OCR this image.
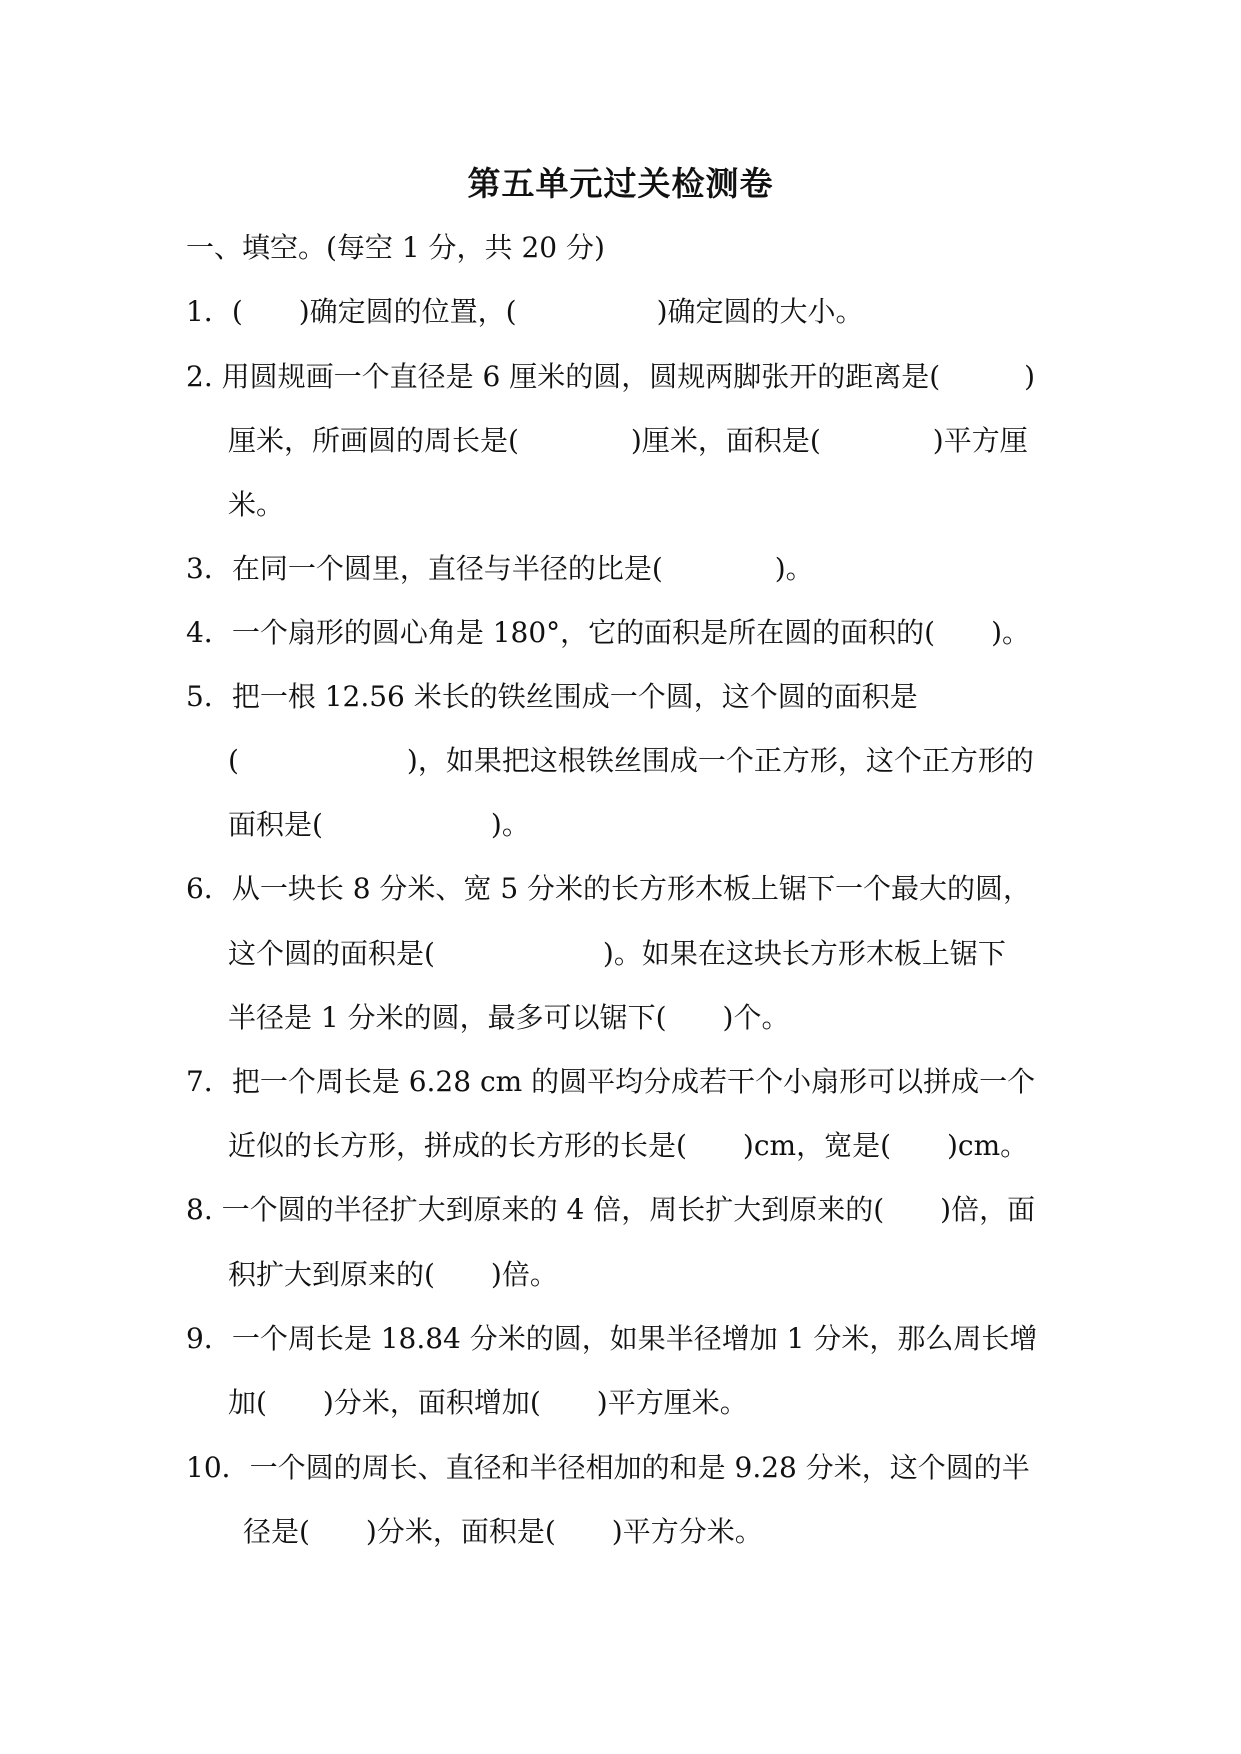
第五单元过关检测卷
一、填空。(每空 1 分，共 20 分)
1．(　　)确定圆的位置，(　　　　　)确定圆的大小。
2. 用圆规画一个直径是 6 厘米的圆，圆规两脚张开的距离是(　　　)
厘米，所画圆的周长是(　　　　)厘米，面积是(　　　　)平方厘
米。
3．在同一个圆里，直径与半径的比是(　　　　)。
4．一个扇形的圆心角是 180°，它的面积是所在圆的面积的(　　)。
5．把一根 12.56 米长的铁丝围成一个圆，这个圆的面积是
(　　　　　　)，如果把这根铁丝围成一个正方形，这个正方形的
面积是(　　　　　　)。
6．从一块长 8 分米、宽 5 分米的长方形木板上锯下一个最大的圆，
这个圆的面积是(　　　　　　)。如果在这块长方形木板上锯下
半径是 1 分米的圆，最多可以锯下(　　)个。
7．把一个周长是 6.28 cm 的圆平均分成若干个小扇形可以拼成一个
近似的长方形，拼成的长方形的长是(　　)cm，宽是(　　)cm。
8. 一个圆的半径扩大到原来的 4 倍，周长扩大到原来的(　　)倍，面
积扩大到原来的(　　)倍。
9．一个周长是 18.84 分米的圆，如果半径增加 1 分米，那么周长增
加(　　)分米，面积增加(　　)平方厘米。
10．一个圆的周长、直径和半径相加的和是 9.28 分米，这个圆的半
径是(　　)分米，面积是(　　)平方分米。
